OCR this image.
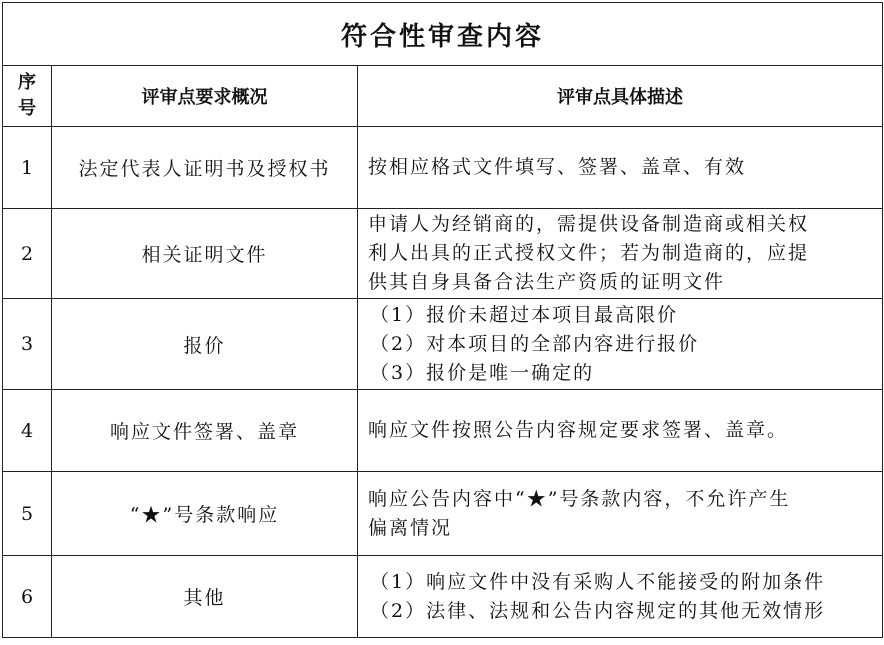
符合性审查内容		

序
号	评审点要求概况	评审点具体描述
1	法定代表人证明书及授权书	按相应格式文件填写、签署、盖章、有效

2	相关证明文件	申请人为经销商的，需提供设备制造商或相关权
利人出具的正式授权文件；若为制造商的，应提
供其自身具备合法生产资质的证明文件

3	报价	（1）报价未超过本项目最高限价
（2）对本项目的全部内容进行报价
（3）报价是唯一确定的

4	响应文件签署、盖章	响应文件按照公告内容规定要求签署、盖章。

5	“★”号条款响应	响应公告内容中“★”号条款内容，不允许产生
偏离情况

6	其他	（1）响应文件中没有采购人不能接受的附加条件
（2）法律、法规和公告内容规定的其他无效情形
